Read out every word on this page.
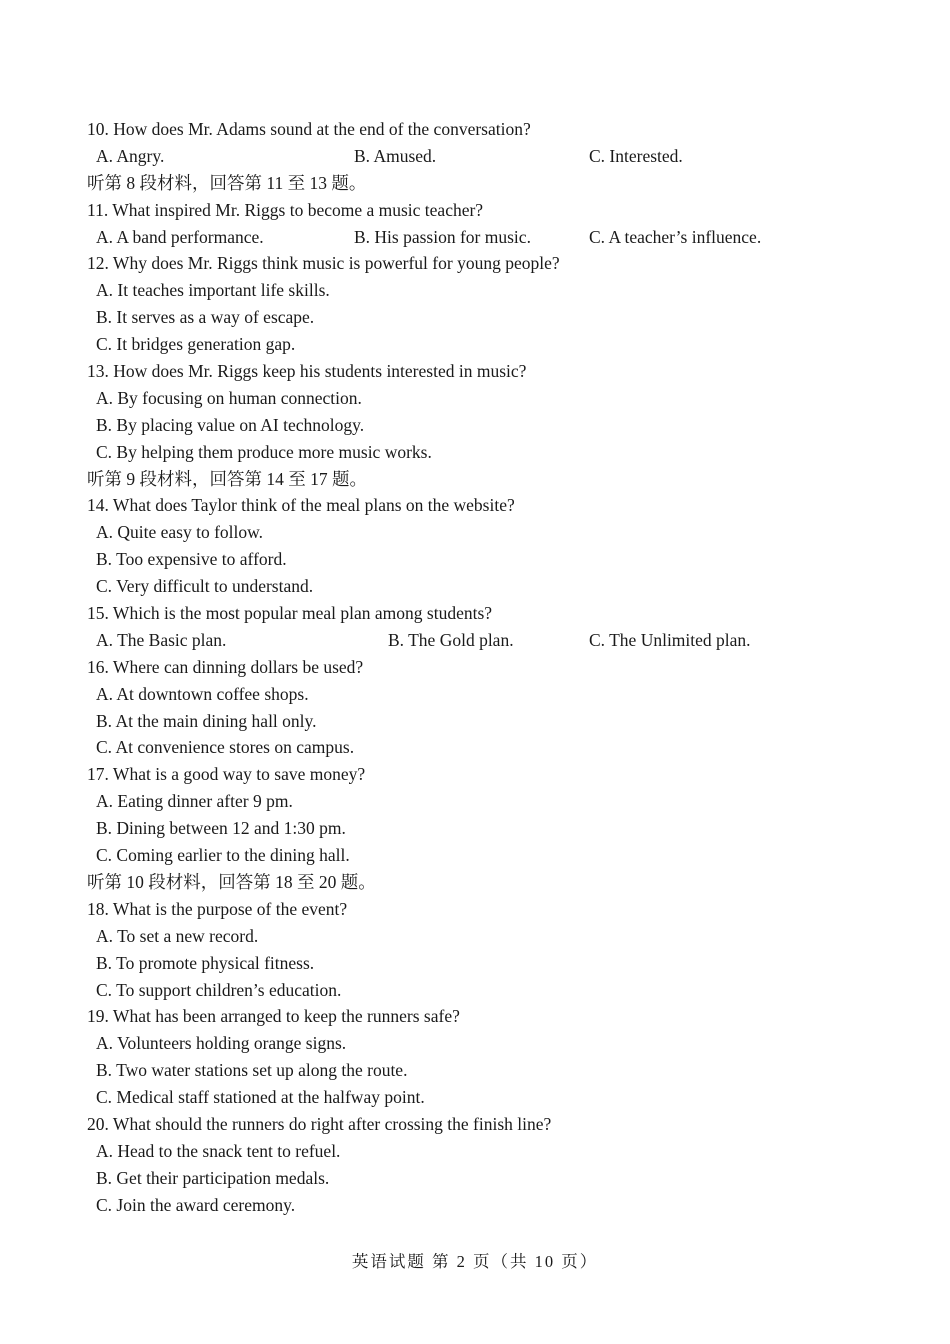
10. How does Mr. Adams sound at the end of the conversation?
A. Angry.	B. Amused.	C. Interested.
听第 8 段材料，回答第 11 至 13 题。
11. What inspired Mr. Riggs to become a music teacher?
A. A band performance.	B. His passion for music.	C. A teacher’s influence.
12. Why does Mr. Riggs think music is powerful for young people?
A. It teaches important life skills.
B. It serves as a way of escape.
C. It bridges generation gap.
13. How does Mr. Riggs keep his students interested in music?
A. By focusing on human connection.
B. By placing value on AI technology.
C. By helping them produce more music works.
听第 9 段材料，回答第 14 至 17 题。
14. What does Taylor think of the meal plans on the website?
A. Quite easy to follow.
B. Too expensive to afford.
C. Very difficult to understand.
15. Which is the most popular meal plan among students?
A. The Basic plan.	B. The Gold plan.	C. The Unlimited plan.
16. Where can dinning dollars be used?
A. At downtown coffee shops.
B. At the main dining hall only.
C. At convenience stores on campus.
17. What is a good way to save money?
A. Eating dinner after 9 pm.
B. Dining between 12 and 1:30 pm.
C. Coming earlier to the dining hall.
听第 10 段材料，回答第 18 至 20 题。
18. What is the purpose of the event?
A. To set a new record.
B. To promote physical fitness.
C. To support children’s education.
19. What has been arranged to keep the runners safe?
A. Volunteers holding orange signs.
B. Two water stations set up along the route.
C. Medical staff stationed at the halfway point.
20. What should the runners do right after crossing the finish line?
A. Head to the snack tent to refuel.
B. Get their participation medals.
C. Join the award ceremony.
英语试题 第 2 页（共 10 页）
